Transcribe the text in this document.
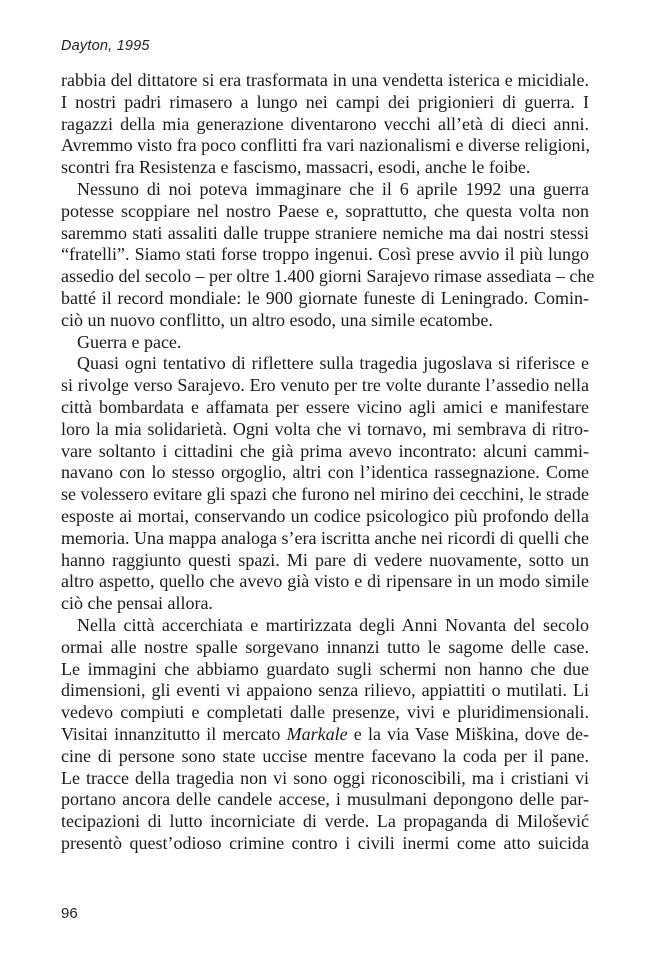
Dayton, 1995
rabbia del dittatore si era trasformata in una vendetta isterica e micidiale.
I nostri padri rimasero a lungo nei campi dei prigionieri di guerra. I
ragazzi della mia generazione diventarono vecchi all’età di dieci anni.
Avremmo visto fra poco conflitti fra vari nazionalismi e diverse religioni,
scontri fra Resistenza e fascismo, massacri, esodi, anche le foibe.
Nessuno di noi poteva immaginare che il 6 aprile 1992 una guerra
potesse scoppiare nel nostro Paese e, soprattutto, che questa volta non
saremmo stati assaliti dalle truppe straniere nemiche ma dai nostri stessi
“fratelli”. Siamo stati forse troppo ingenui. Così prese avvio il più lungo
assedio del secolo – per oltre 1.400 giorni Sarajevo rimase assediata – che
batté il record mondiale: le 900 giornate funeste di Leningrado. Comin-
ciò un nuovo conflitto, un altro esodo, una simile ecatombe.
Guerra e pace.
Quasi ogni tentativo di riflettere sulla tragedia jugoslava si riferisce e
si rivolge verso Sarajevo. Ero venuto per tre volte durante l’assedio nella
città bombardata e affamata per essere vicino agli amici e manifestare
loro la mia solidarietà. Ogni volta che vi tornavo, mi sembrava di ritro-
vare soltanto i cittadini che già prima avevo incontrato: alcuni cammi-
navano con lo stesso orgoglio, altri con l’identica rassegnazione. Come
se volessero evitare gli spazi che furono nel mirino dei cecchini, le strade
esposte ai mortai, conservando un codice psicologico più profondo della
memoria. Una mappa analoga s’era iscritta anche nei ricordi di quelli che
hanno raggiunto questi spazi. Mi pare di vedere nuovamente, sotto un
altro aspetto, quello che avevo già visto e di ripensare in un modo simile
ciò che pensai allora.
Nella città accerchiata e martirizzata degli Anni Novanta del secolo
ormai alle nostre spalle sorgevano innanzi tutto le sagome delle case.
Le immagini che abbiamo guardato sugli schermi non hanno che due
dimensioni, gli eventi vi appaiono senza rilievo, appiattiti o mutilati. Li
vedevo compiuti e completati dalle presenze, vivi e pluridimensionali.
Visitai innanzitutto il mercato Markale e la via Vase Miškina, dove de-
cine di persone sono state uccise mentre facevano la coda per il pane.
Le tracce della tragedia non vi sono oggi riconoscibili, ma i cristiani vi
portano ancora delle candele accese, i musulmani depongono delle par-
tecipazioni di lutto incorniciate di verde. La propaganda di Milošević
presentò quest’odioso crimine contro i civili inermi come atto suicida
96
